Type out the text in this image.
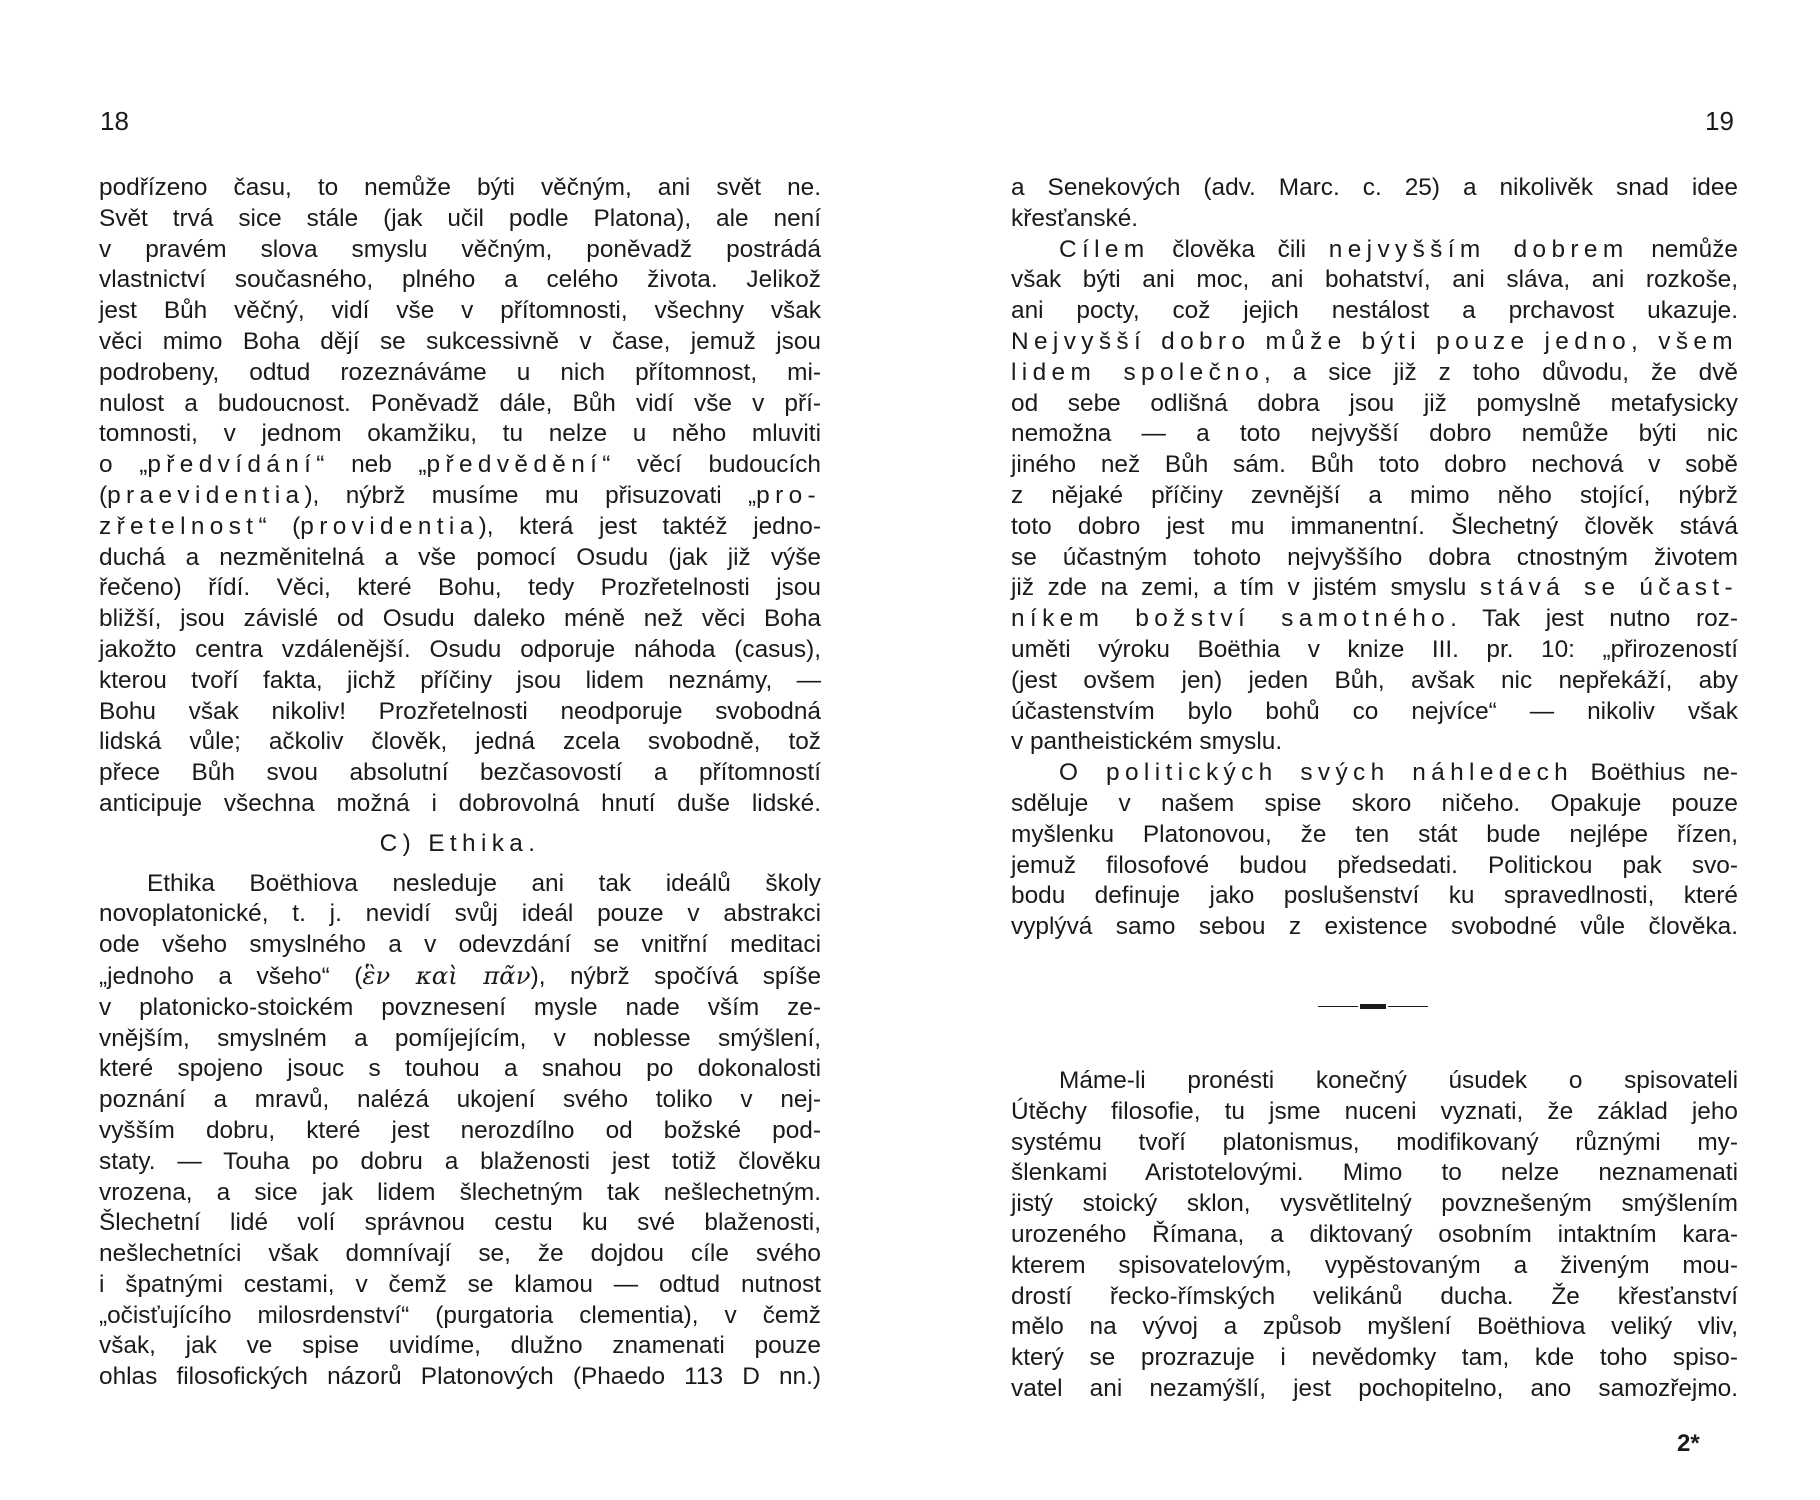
18	19
podřízeno času, to nemůže býti věčným, ani svět ne.
Svět trvá sice stále (jak učil podle Platona), ale není
v pravém slova smyslu věčným, poněvadž postrádá
vlastnictví současného, plného a celého života. Jelikož
jest Bůh věčný, vidí vše v přítomnosti, všechny však
věci mimo Boha dějí se sukcessivně v čase, jemuž jsou
podrobeny, odtud rozeznáváme u nich přítomnost, mi-
nulost a budoucnost. Poněvadž dále, Bůh vidí vše v pří-
tomnosti, v jednom okamžiku, tu nelze u něho mluviti
o „předvídání“ neb „předvědění“ věcí budoucích
(praevidentia), nýbrž musíme mu přisuzovati „pro-
zřetelnost“ (providentia), která jest taktéž jedno-
duchá a nezměnitelná a vše pomocí Osudu (jak již výše
řečeno) řídí. Věci, které Bohu, tedy Prozřetelnosti jsou
bližší, jsou závislé od Osudu daleko méně než věci Boha
jakožto centra vzdálenější. Osudu odporuje náhoda (casus),
kterou tvoří fakta, jichž příčiny jsou lidem neznámy, —
Bohu však nikoliv! Prozřetelnosti neodporuje svobodná
lidská vůle; ačkoliv člověk, jedná zcela svobodně, tož
přece Bůh svou absolutní bezčasovostí a přítomností
anticipuje všechna možná i dobrovolná hnutí duše lidské.
C) Ethika.
Ethika Boëthiova nesleduje ani tak ideálů školy
novoplatonické, t. j. nevidí svůj ideál pouze v abstrakci
ode všeho smyslného a v odevzdání se vnitřní meditaci
„jednoho a všeho“ (ἓν καὶ πᾶν), nýbrž spočívá spíše
v platonicko-stoickém povznesení mysle nade vším ze-
vnějším, smyslném a pomíjejícím, v noblesse smýšlení,
které spojeno jsouc s touhou a snahou po dokonalosti
poznání a mravů, nalézá ukojení svého toliko v nej-
vyšším dobru, které jest nerozdílno od božské pod-
staty. — Touha po dobru a blaženosti jest totiž člověku
vrozena, a sice jak lidem šlechetným tak nešlechetným.
Šlechetní lidé volí správnou cestu ku své blaženosti,
nešlechetníci však domnívají se, že dojdou cíle svého
i špatnými cestami, v čemž se klamou — odtud nutnost
„očisťujícího milosrdenství“ (purgatoria clementia), v čemž
však, jak ve spise uvidíme, dlužno znamenati pouze
ohlas filosofických názorů Platonových (Phaedo 113 D nn.)
a Senekových (adv. Marc. c. 25) a nikolivěk snad idee
křesťanské.
Cílem člověka čili nejvyšším dobrem nemůže
však býti ani moc, ani bohatství, ani sláva, ani rozkoše,
ani pocty, což jejich nestálost a prchavost ukazuje.
Nejvyšší dobro může býti pouze jedno, všem
lidem společno, a sice již z toho důvodu, že dvě
od sebe odlišná dobra jsou již pomyslně metafysicky
nemožna — a toto nejvyšší dobro nemůže býti nic
jiného než Bůh sám. Bůh toto dobro nechová v sobě
z nějaké příčiny zevnější a mimo něho stojící, nýbrž
toto dobro jest mu immanentní. Šlechetný člověk stává
se účastným tohoto nejvyššího dobra ctnostným životem
již zde na zemi, a tím v jistém smyslu stává se účast-
níkem božství samotného. Tak jest nutno roz-
uměti výroku Boëthia v knize III. pr. 10: „přirozeností
(jest ovšem jen) jeden Bůh, avšak nic nepřekáží, aby
účastenstvím bylo bohů co nejvíce“ — nikoliv však
v pantheistickém smyslu.
O politických svých náhledech Boëthius ne-
sděluje v našem spise skoro ničeho. Opakuje pouze
myšlenku Platonovou, že ten stát bude nejlépe řízen,
jemuž filosofové budou předsedati. Politickou pak svo-
bodu definuje jako poslušenství ku spravedlnosti, které
vyplývá samo sebou z existence svobodné vůle člověka.
Máme-li pronésti konečný úsudek o spisovateli
Útěchy filosofie, tu jsme nuceni vyznati, že základ jeho
systému tvoří platonismus, modifikovaný různými my-
šlenkami Aristotelovými. Mimo to nelze neznamenati
jistý stoický sklon, vysvětlitelný povznešeným smýšlením
urozeného Římana, a diktovaný osobním intaktním kara-
kterem spisovatelovým, vypěstovaným a živeným mou-
drostí řecko-římských velikánů ducha. Že křesťanství
mělo na vývoj a způsob myšlení Boëthiova veliký vliv,
který se prozrazuje i nevědomky tam, kde toho spiso-
vatel ani nezamýšlí, jest pochopitelno, ano samozřejmo.
2*
